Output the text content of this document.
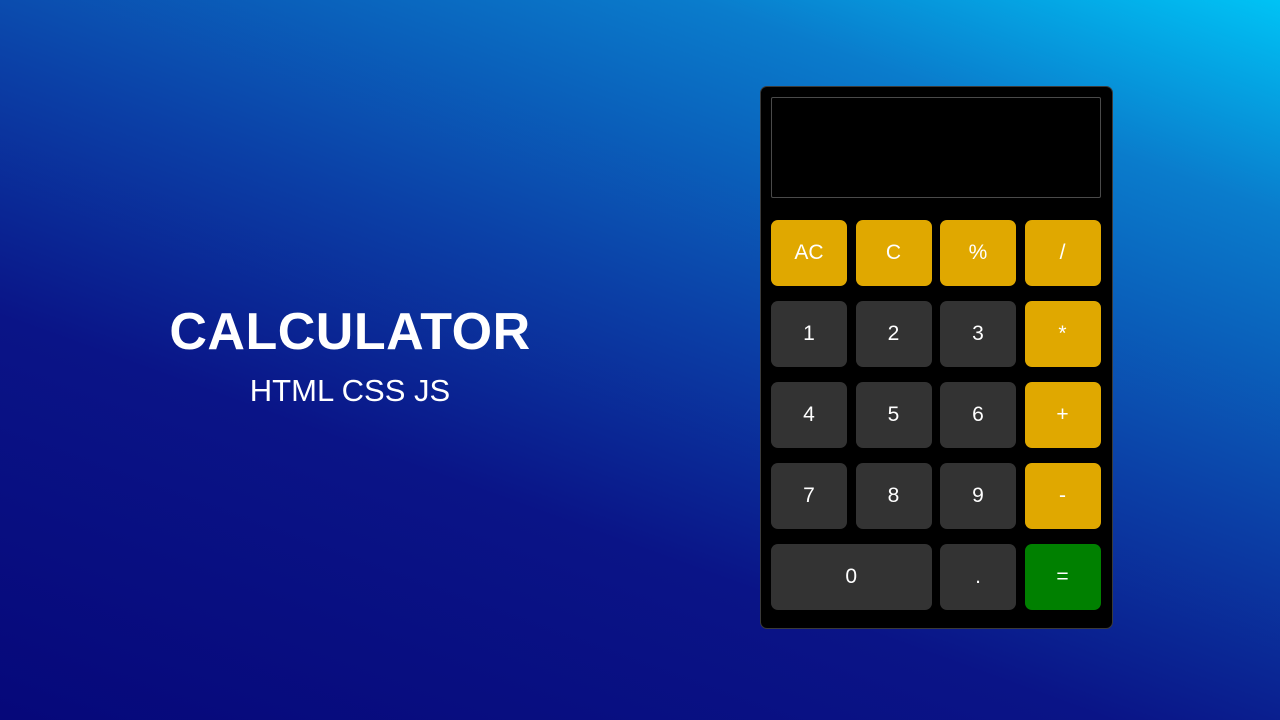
CALCULATOR
HTML CSS JS
AC	C	%	/
1	2	3	*
4	5	6	+
7	8	9	-
0	.	=
